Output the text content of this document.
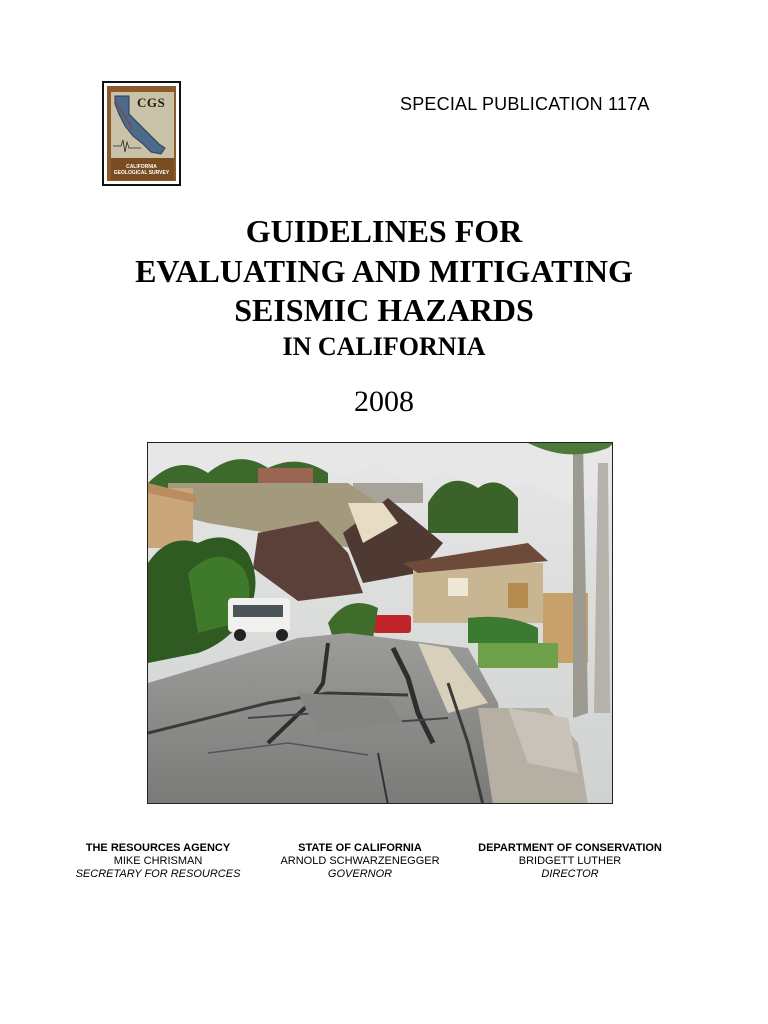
CGS
CALIFORNIA
GEOLOGICAL SURVEY
SPECIAL PUBLICATION 117A
GUIDELINES FOR
EVALUATING AND MITIGATING
SEISMIC HAZARDS
IN CALIFORNIA
2008
THE RESOURCES AGENCY
MIKE CHRISMAN
SECRETARY FOR RESOURCES
STATE OF CALIFORNIA
ARNOLD SCHWARZENEGGER
GOVERNOR
DEPARTMENT OF CONSERVATION
BRIDGETT LUTHER
DIRECTOR
